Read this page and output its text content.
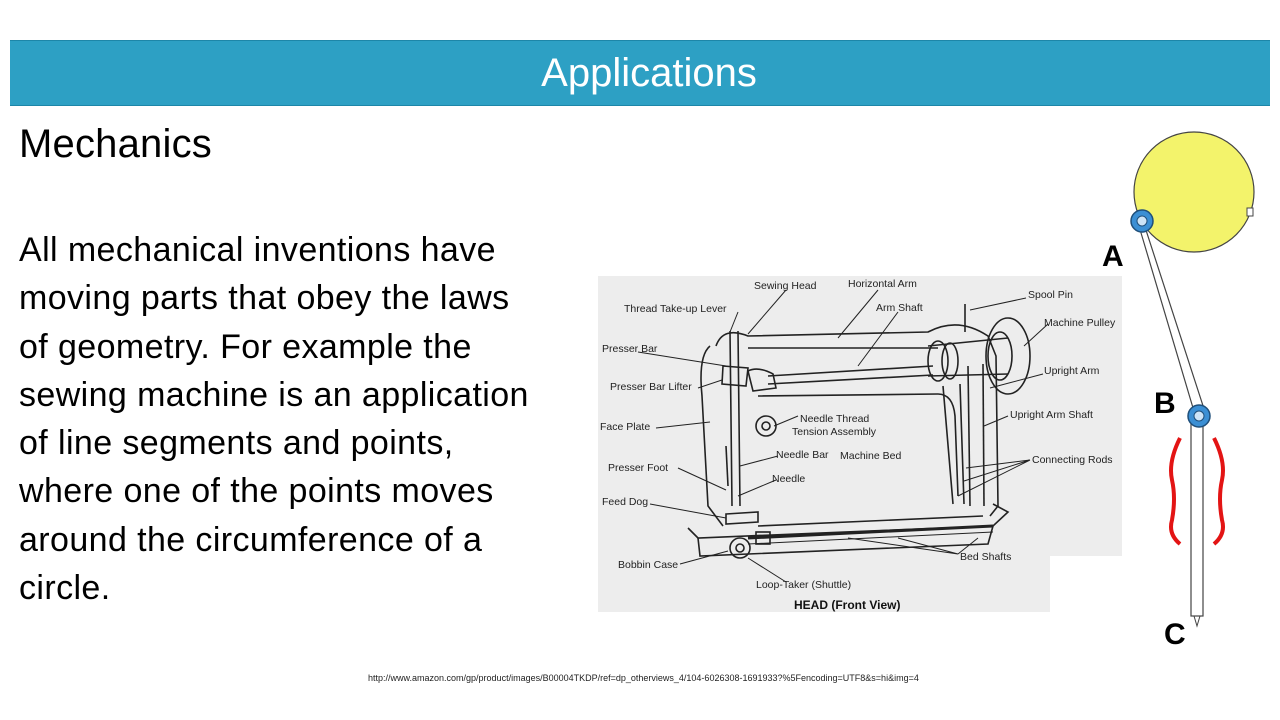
Applications
Mechanics
All mechanical inventions have moving parts that obey the laws of geometry. For example the sewing machine is an application of line segments and points, where one of the points moves around the circumference of a circle.
Sewing Head	Horizontal Arm
Thread Take-up Lever	Arm Shaft
Spool Pin
Machine Pulley
Presser Bar
Presser Bar Lifter
Upright Arm
Needle Thread
Tension Assembly
Upright Arm Shaft
Face Plate
Needle Bar Machine Bed	Connecting Rods
Presser Foot
Needle
Feed Dog
Bed Shafts
Bobbin Case
Loop-Taker (Shuttle)
HEAD (Front View)
A
B
C
http://www.amazon.com/gp/product/images/B00004TKDP/ref=dp_otherviews_4/104-6026308-1691933?%5Fencoding=UTF8&s=hi&img=4
